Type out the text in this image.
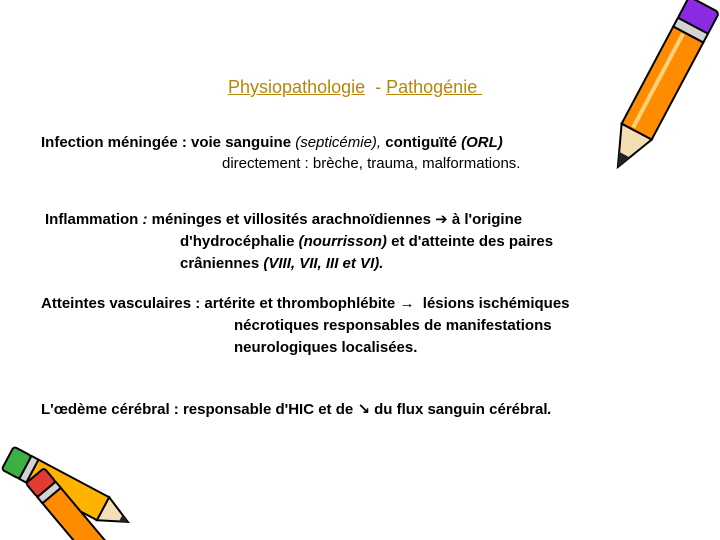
Physiopathologie  - Pathogénie

Infection méningée : voie sanguine (septicémie), contiguïté (ORL)
directement : brèche, trauma, malformations.
Inflammation : méninges et villosités arachnoïdiennes ➔ à l'origine
d'hydrocéphalie (nourrisson) et d'atteinte des paires
crâniennes (VIII, VII, III et VI).
Atteintes vasculaires : artérite et thrombophlébite →  lésions ischémiques
nécrotiques responsables de manifestations
neurologiques localisées.
L'œdème cérébral : responsable d'HIC et de ↘ du flux sanguin cérébral.
